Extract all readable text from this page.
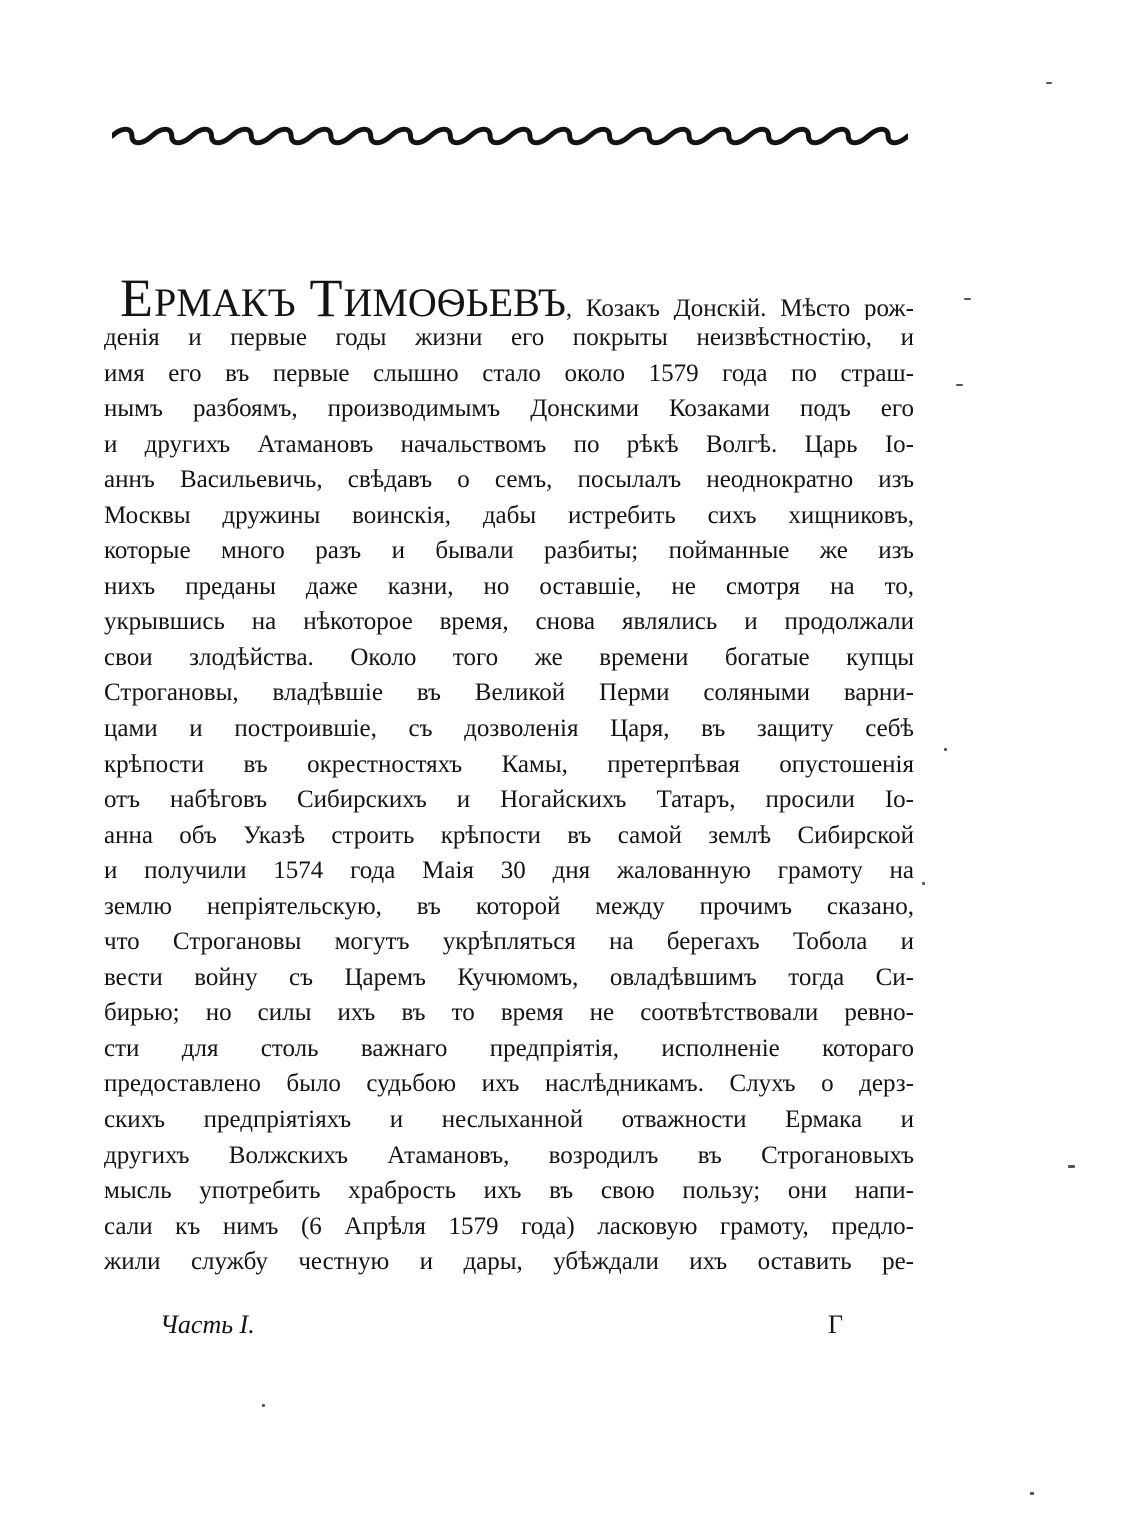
ЕРМАКЪ ТИМОѲЬЕВЪ, Козакъ Донскій. Мѣсто рож-
денія и первые годы жизни его покрыты неизвѣстностію, и
имя его въ первые слышно стало около 1579 года по страш-
нымъ разбоямъ, производимымъ Донскими Козаками подъ его
и другихъ Атамановъ начальствомъ по рѣкѣ Волгѣ. Царь Іо-
аннъ Васильевичь, свѣдавъ о семъ, посылалъ неоднократно изъ
Москвы дружины воинскія, дабы истребить сихъ хищниковъ,
которые много разъ и бывали разбиты; пойманные же изъ
нихъ преданы даже казни, но оставшіе, не смотря на то,
укрывшись на нѣкоторое время, снова являлись и продолжали
свои злодѣйства. Около того же времени богатые купцы
Строгановы, владѣвшіе въ Великой Перми соляными варни-
цами и построившіе, съ дозволенія Царя, въ защиту себѣ
крѣпости въ окрестностяхъ Камы, претерпѣвая опустошенія
отъ набѣговъ Сибирскихъ и Ногайскихъ Татаръ, просили Іо-
анна объ Указѣ строить крѣпости въ самой землѣ Сибирской
и получили 1574 года Маія 30 дня жалованную грамоту на
землю непріятельскую, въ которой между прочимъ сказано,
что Строгановы могутъ укрѣпляться на берегахъ Тобола и
вести войну съ Царемъ Кучюмомъ, овладѣвшимъ тогда Си-
бирью; но силы ихъ въ то время не соотвѣтствовали ревно-
сти для столь важнаго предпріятія, исполненіе котораго
предоставлено было судьбою ихъ наслѣдникамъ. Слухъ о дерз-
скихъ предпріятіяхъ и неслыханной отважности Ермака и
другихъ Волжскихъ Атамановъ, возродилъ въ Строгановыхъ
мысль употребить храбрость ихъ въ свою пользу; они напи-
сали къ нимъ (6 Апрѣля 1579 года) ласковую грамоту, предло-
жили службу честную и дары, убѣждали ихъ оставить ре-
Часть I.	Г
